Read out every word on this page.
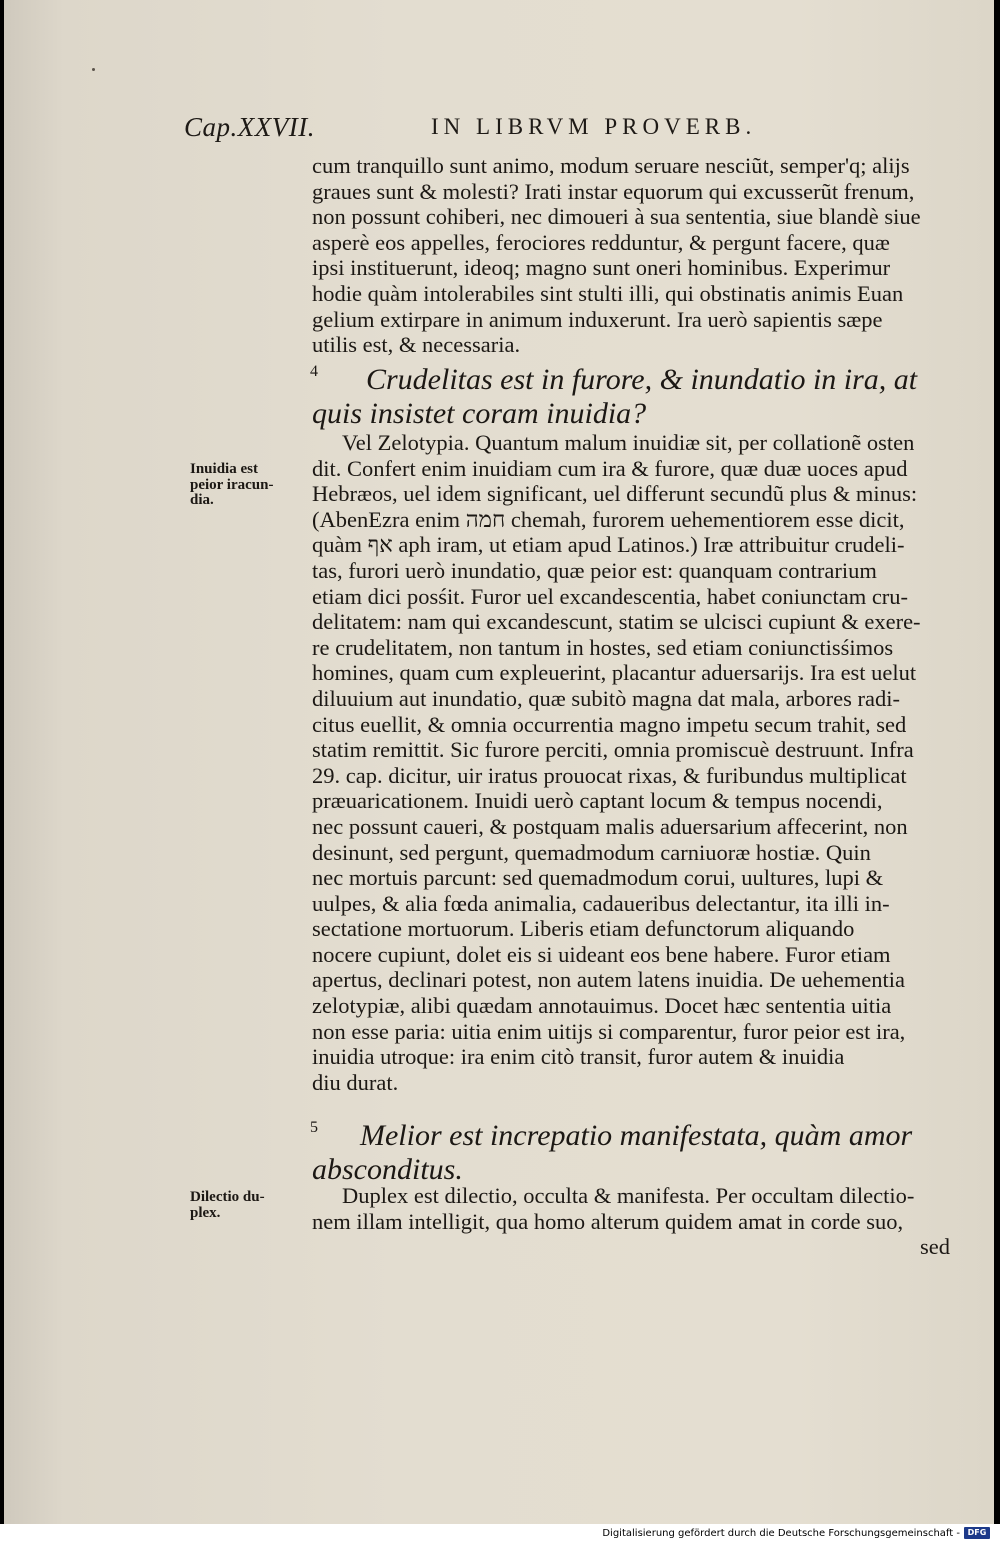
Cap.XXVII.	IN LIBRVM PROVERB.
cum tranquillo sunt animo, modum seruare nesciũt, semper'q; alijs
graues sunt & molesti? Irati instar equorum qui excusserũt frenum,
non possunt cohiberi, nec dimoueri à sua sententia, siue blandè siue
asperè eos appelles, ferociores redduntur, & pergunt facere, quæ
ipsi instituerunt, ideoq; magno sunt oneri hominibus. Experimur
hodie quàm intolerabiles sint stulti illi, qui obstinatis animis Euan
gelium extirpare in animum induxerunt. Ira uerò sapientis sæpe
utilis est, & necessaria.
4 Crudelitas est in furore, & inundatio in ira, at
quis insistet coram inuidia?
Vel Zelotypia. Quantum malum inuidiæ sit, per collationẽ osten
dit. Confert enim inuidiam cum ira & furore, quæ duæ uoces apud
Hebræos, uel idem significant, uel differunt secundũ plus & minus:
(AbenEzra enim חמה chemah, furorem uehementiorem esse dicit,
quàm אף aph iram, ut etiam apud Latinos.) Iræ attribuitur crudeli-
tas, furori uerò inundatio, quæ peior est: quanquam contrarium
etiam dici posśit. Furor uel excandescentia, habet coniunctam cru-
delitatem: nam qui excandescunt, statim se ulcisci cupiunt & exere-
re crudelitatem, non tantum in hostes, sed etiam coniunctisśimos
homines, quam cum expleuerint, placantur aduersarijs. Ira est uelut
diluuium aut inundatio, quæ subitò magna dat mala, arbores radi-
citus euellit, & omnia occurrentia magno impetu secum trahit, sed
statim remittit. Sic furore perciti, omnia promiscuè destruunt. Infra
29. cap. dicitur, uir iratus prouocat rixas, & furibundus multiplicat
præuaricationem. Inuidi uerò captant locum & tempus nocendi,
nec possunt caueri, & postquam malis aduersarium affecerint, non
desinunt, sed pergunt, quemadmodum carniuoræ hostiæ. Quin
nec mortuis parcunt: sed quemadmodum corui, uultures, lupi &
uulpes, & alia fœda animalia, cadaueribus delectantur, ita illi in-
sectatione mortuorum. Liberis etiam defunctorum aliquando
nocere cupiunt, dolet eis si uideant eos bene habere. Furor etiam
apertus, declinari potest, non autem latens inuidia. De uehementia
zelotypiæ, alibi quædam annotauimus. Docet hæc sententia uitia
non esse paria: uitia enim uitijs si comparentur, furor peior est ira,
inuidia utroque: ira enim citò transit, furor autem & inuidia
diu durat.
5 Melior est increpatio manifestata, quàm amor
absconditus.
Duplex est dilectio, occulta & manifesta. Per occultam dilectio-
nem illam intelligit, qua homo alterum quidem amat in corde suo,
sed
Inuidia est peior iracun-dia.
Dilectio du-plex.
Digitalisierung gefördert durch die Deutsche Forschungsgemeinschaft - DFG
